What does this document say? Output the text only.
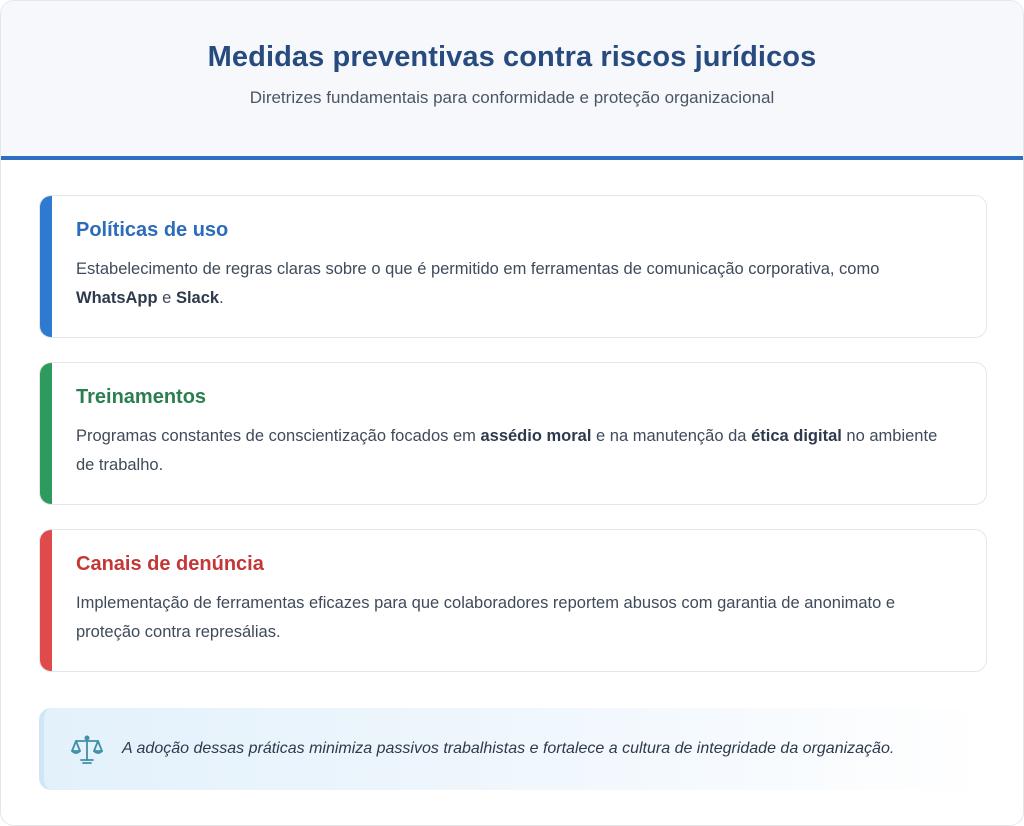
Medidas preventivas contra riscos jurídicos

Diretrizes fundamentais para conformidade e proteção organizacional

Políticas de uso
Estabelecimento de regras claras sobre o que é permitido em ferramentas de comunicação corporativa, como WhatsApp e Slack.
Treinamentos
Programas constantes de conscientização focados em assédio moral e na manutenção da ética digital no ambiente de trabalho.
Canais de denúncia
Implementação de ferramentas eficazes para que colaboradores reportem abusos com garantia de anonimato e proteção contra represálias.
A adoção dessas práticas minimiza passivos trabalhistas e fortalece a cultura de integridade da organização.
